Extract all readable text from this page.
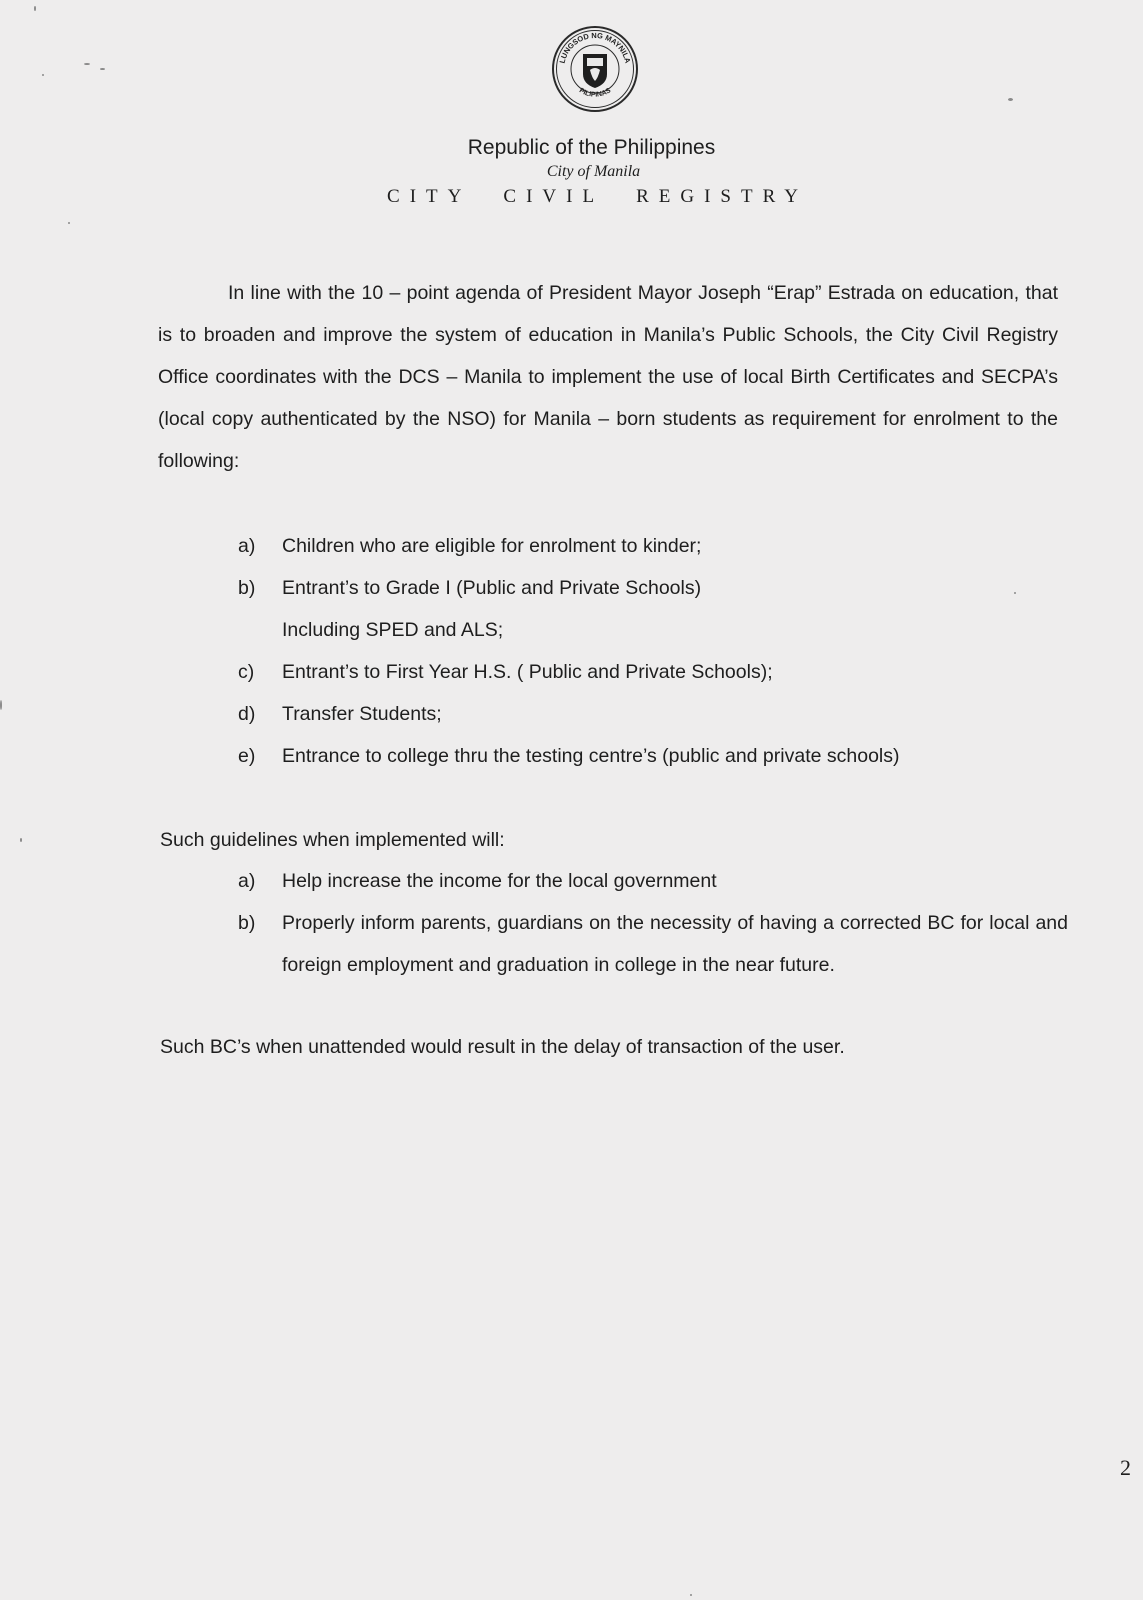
LUNGSOD NG MAYNILA
PILIPINAS
Republic of the Philippines
City of Manila
CITY CIVIL REGISTRY
In line with the 10 – point agenda of President Mayor Joseph “Erap” Estrada on education, that is to broaden and improve the system of education in Manila’s Public Schools, the City Civil Registry Office coordinates with the DCS – Manila to implement the use of local Birth Certificates and SECPA’s (local copy authenticated by the NSO) for Manila – born students as requirement for enrolment to the following:
a)	Children who are eligible for enrolment to kinder;
b)	Entrant’s to Grade I (Public and Private Schools)
Including SPED and ALS;
c)	Entrant’s to First Year H.S. ( Public and Private Schools);
d)	Transfer Students;
e)	Entrance to college thru the testing centre’s (public and private schools)
Such guidelines when implemented will:
a)	Help increase the income for the local government
b)	Properly inform parents, guardians on the necessity of having a corrected BC for local and foreign employment and graduation in college in the near future.
Such BC’s when unattended would result in the delay of transaction of the user.
2
